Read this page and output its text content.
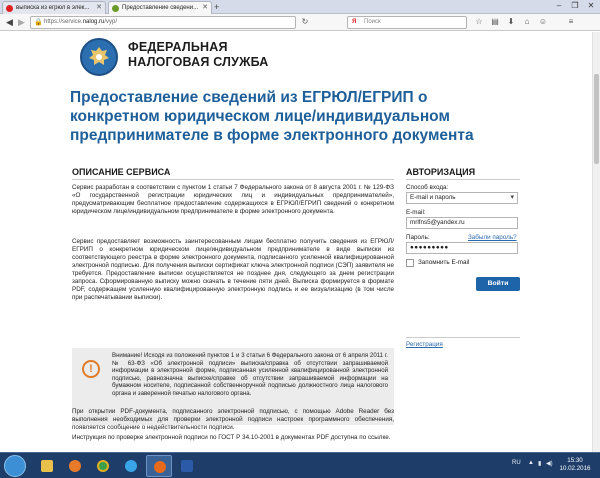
выписка из егрюл в элек... ✕	Предоставление сведени... ✕ +	–	❐	✕
◀ ▶ 🔒 https://service.nalog.ru/vyp/	↻	Я Поиск	☆ ▤ ⬇	⌂	☺	≡
ФЕДЕРАЛЬНАЯ
НАЛОГОВАЯ СЛУЖБА
Предоставление сведений из ЕГРЮЛ/ЕГРИП о конкретном юридическом лице/индивидуальном предпринимателе в форме электронного документа
ОПИСАНИЕ СЕРВИСА
Сервис разработан в соответствии с пунктом 1 статьи 7 Федерального закона от 8 августа 2001 г. № 129-ФЗ «О государственной регистрации юридических лиц и индивидуальных предпринимателей», предусматривающим бесплатное предоставление содержащихся в ЕГРЮЛ/ЕГРИП сведений о конкретном юридическом лице/индивидуальном предпринимателе в форме электронного документа.
Сервис предоставляет возможность заинтересованным лицам бесплатно получить сведения из ЕГРЮЛ/ЕГРИП о конкретном юридическом лице/индивидуальном предпринимателе в виде выписки из соответствующего реестра в форме электронного документа, подписанного усиленной квалифицированной электронной подписью. Для получения выписки сертификат ключа электронной подписи (СЭП) заявителя не требуется. Предоставление выписки осуществляется не позднее дня, следующего за днем регистрации запроса. Сформированную выписку можно скачать в течение пяти дней. Выписка формируется в формате PDF, содержащем усиленную квалифицированную электронную подпись и ее визуализацию (в том числе при распечатывании выписки).
!
Внимание! Исходя из положений пунктов 1 и 3 статьи 6 Федерального закона от 6 апреля 2011 г. № 63-ФЗ «Об электронной подписи» выписка/справка об отсутствии запрашиваемой информации в электронной форме, подписанная усиленной квалифицированной электронной подписью, равнозначна выписке/справке об отсутствии запрашиваемой информации на бумажном носителе, подписанной собственноручной подписью должностного лица налогового органа и заверенной печатью налогового органа.
При открытии PDF-документа, подписанного электронной подписью, с помощью Adobe Reader без выполнения необходимых для проверки электронной подписи настроек программного обеспечения, появляется сообщение о недействительности подписи.
Инструкция по проверке электронной подписи по ГОСТ Р 34.10-2001 в документах PDF доступна по ссылке.
АВТОРИЗАЦИЯ
Способ входа:
E-mail и пароль ▾
E-mail:
mrlfns5@yandex.ru
Пароль:	Забыли пароль?
●●●●●●●●●
Запомнить E-mail
Войти
Регистрация
RU ▲ ▮ ◀)	15:30
10.02.2016
